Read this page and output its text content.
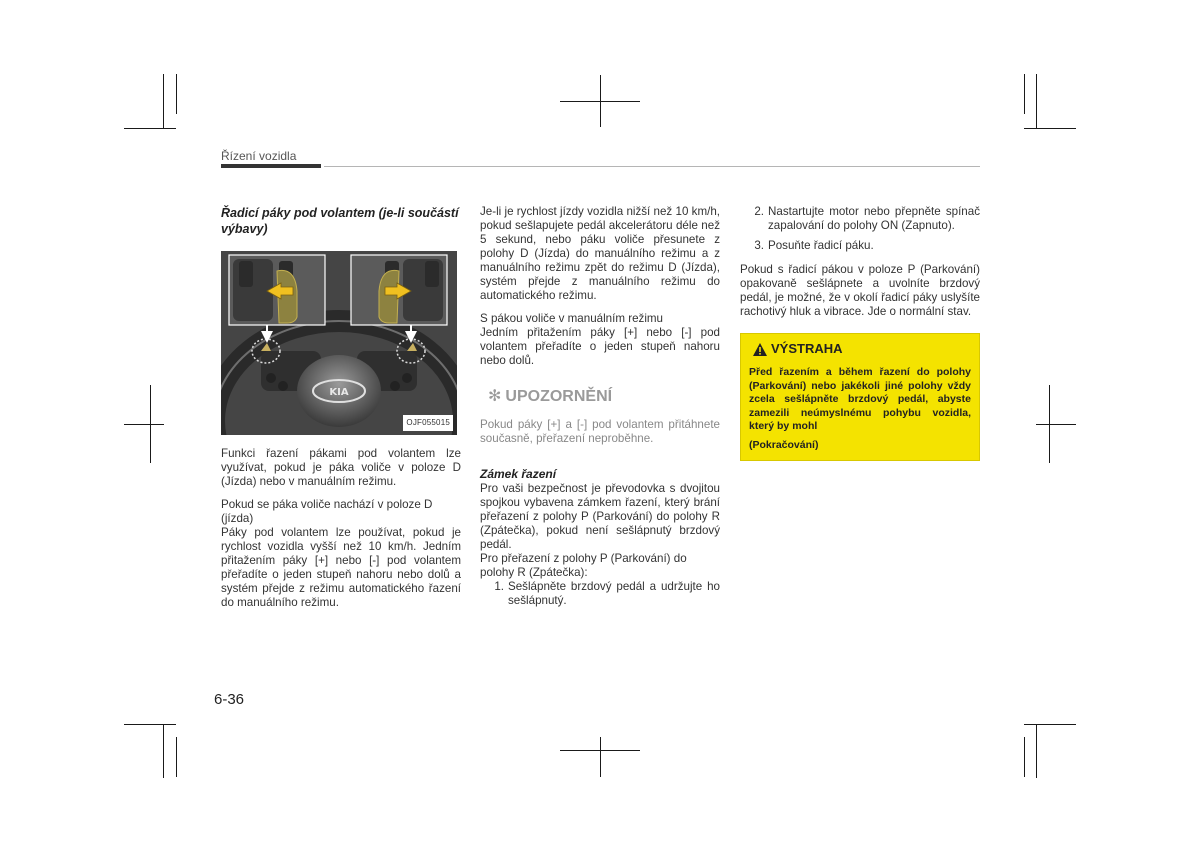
Řízení vozidla

Řadicí páky pod volantem (je-li součástí výbavy)

KIA
OJF055015

Funkci řazení pákami pod volantem lze využívat, pokud je páka voliče v poloze D (Jízda) nebo v manuálním režimu.

Pokud se páka voliče nachází v poloze D (jízda)

Páky pod volantem lze používat, pokud je rychlost vozidla vyšší než 10 km/h. Jedním přitažením páky [+] nebo [-] pod volantem přeřadíte o jeden stupeň nahoru nebo dolů a systém přejde z režimu automatického řazení do manuálního režimu.

Je-li je rychlost jízdy vozidla nižší než 10 km/h, pokud sešlapujete pedál akcelerátoru déle než 5 sekund, nebo páku voliče přesunete z polohy D (Jízda) do manuálního režimu a z manuálního režimu zpět do režimu D (Jízda), systém přejde z manuálního režimu do automatického režimu.

S pákou voliče v manuálním režimu

Jedním přitažením páky [+] nebo [-] pod volantem přeřadíte o jeden stupeň nahoru nebo dolů.

✻ UPOZORNĚNÍ

Pokud páky [+] a [-] pod volantem přitáhnete současně, přeřazení neproběhne.

Zámek řazení

Pro vaši bezpečnost je převodovka s dvojitou spojkou vybavena zámkem řazení, který brání přeřazení z polohy P (Parkování) do polohy R (Zpátečka), pokud není sešlápnutý brzdový pedál.

Pro přeřazení z polohy P (Parkování) do polohy R (Zpátečka):

1. Sešlápněte brzdový pedál a udržujte ho sešlápnutý.
2. Nastartujte motor nebo přepněte spínač zapalování do polohy ON (Zapnuto).
3. Posuňte řadicí páku.

Pokud s řadicí pákou v poloze P (Parkování) opakovaně sešlápnete a uvolníte brzdový pedál, je možné, že v okolí řadicí páky uslyšíte rachotivý hluk a vibrace. Jde o normální stav.

VÝSTRAHA
Před řazením a během řazení do polohy (Parkování) nebo jakékoli jiné polohy vždy zcela sešlápněte brzdový pedál, abyste zamezili neúmyslnému pohybu vozidla, který by mohl
(Pokračování)
6-36
